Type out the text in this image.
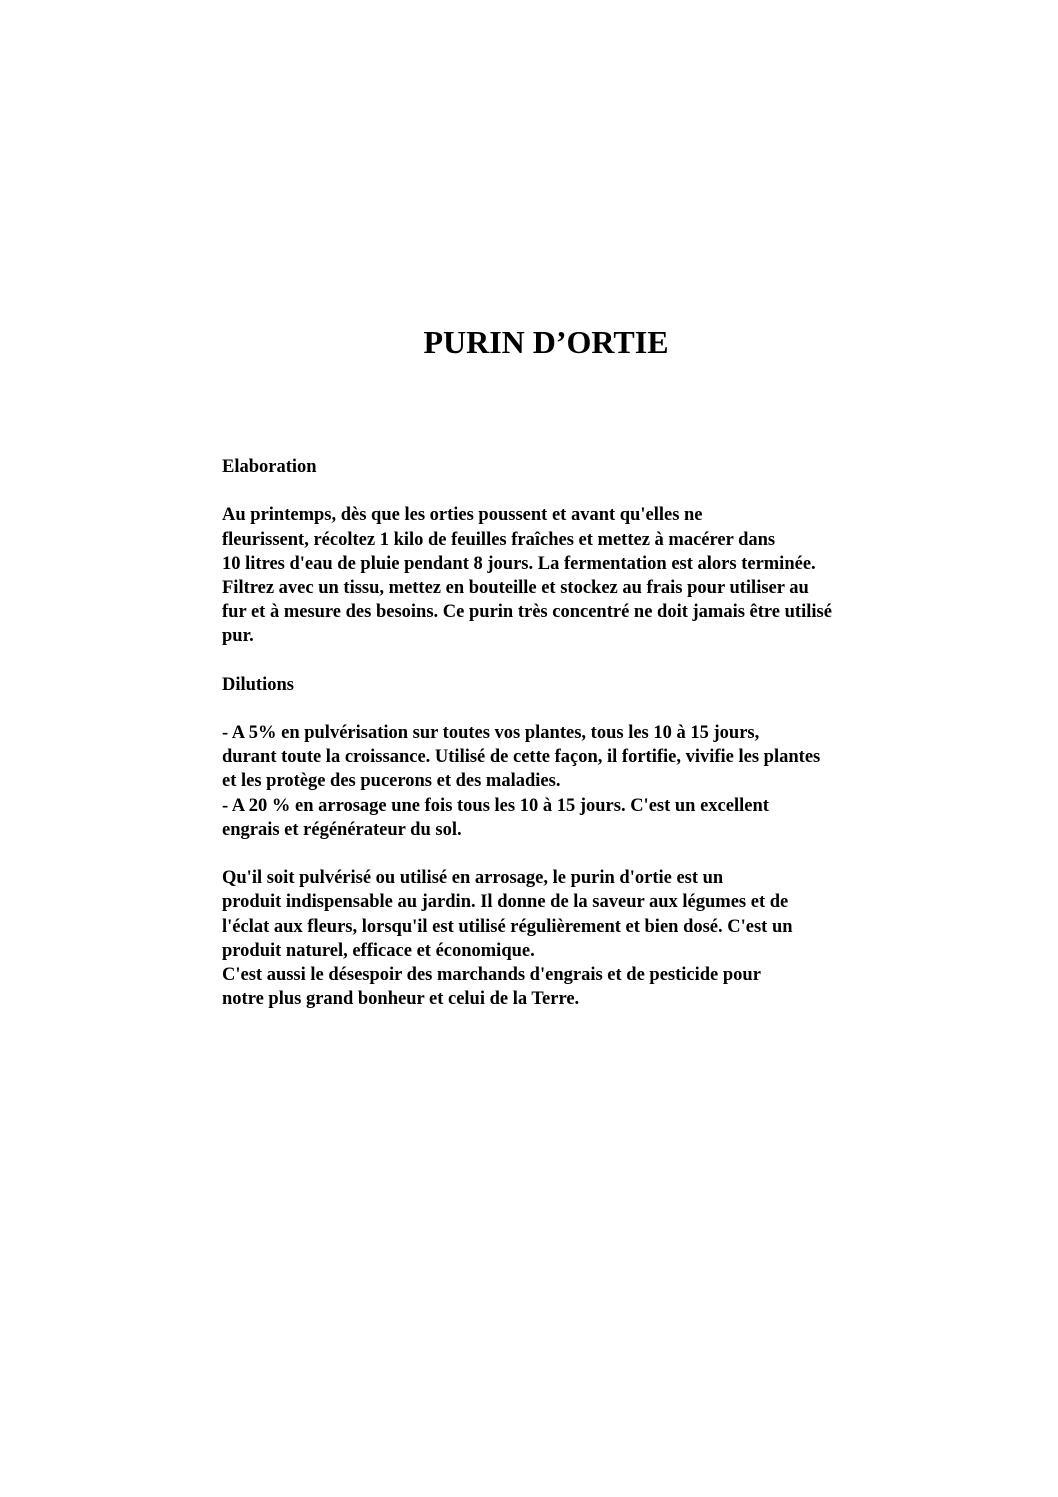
PURIN D’ORTIE
Elaboration
Au printemps, dès que les orties poussent et avant qu'elles ne
fleurissent, récoltez 1 kilo de feuilles fraîches et mettez à macérer dans
10 litres d'eau de pluie pendant 8 jours. La fermentation est alors terminée.
Filtrez avec un tissu, mettez en bouteille et stockez au frais pour utiliser au
fur et à mesure des besoins. Ce purin très concentré ne doit jamais être utilisé
pur.
Dilutions
- A 5% en pulvérisation sur toutes vos plantes, tous les 10 à 15 jours,
durant toute la croissance. Utilisé de cette façon, il fortifie, vivifie les plantes
et les protège des pucerons et des maladies.
- A 20 % en arrosage une fois tous les 10 à 15 jours. C'est un excellent
engrais et régénérateur du sol.
Qu'il soit pulvérisé ou utilisé en arrosage, le purin d'ortie est un
produit indispensable au jardin. Il donne de la saveur aux légumes et de
l'éclat aux fleurs, lorsqu'il est utilisé régulièrement et bien dosé. C'est un
produit naturel, efficace et économique.
C'est aussi le désespoir des marchands d'engrais et de pesticide pour
notre plus grand bonheur et celui de la Terre.
